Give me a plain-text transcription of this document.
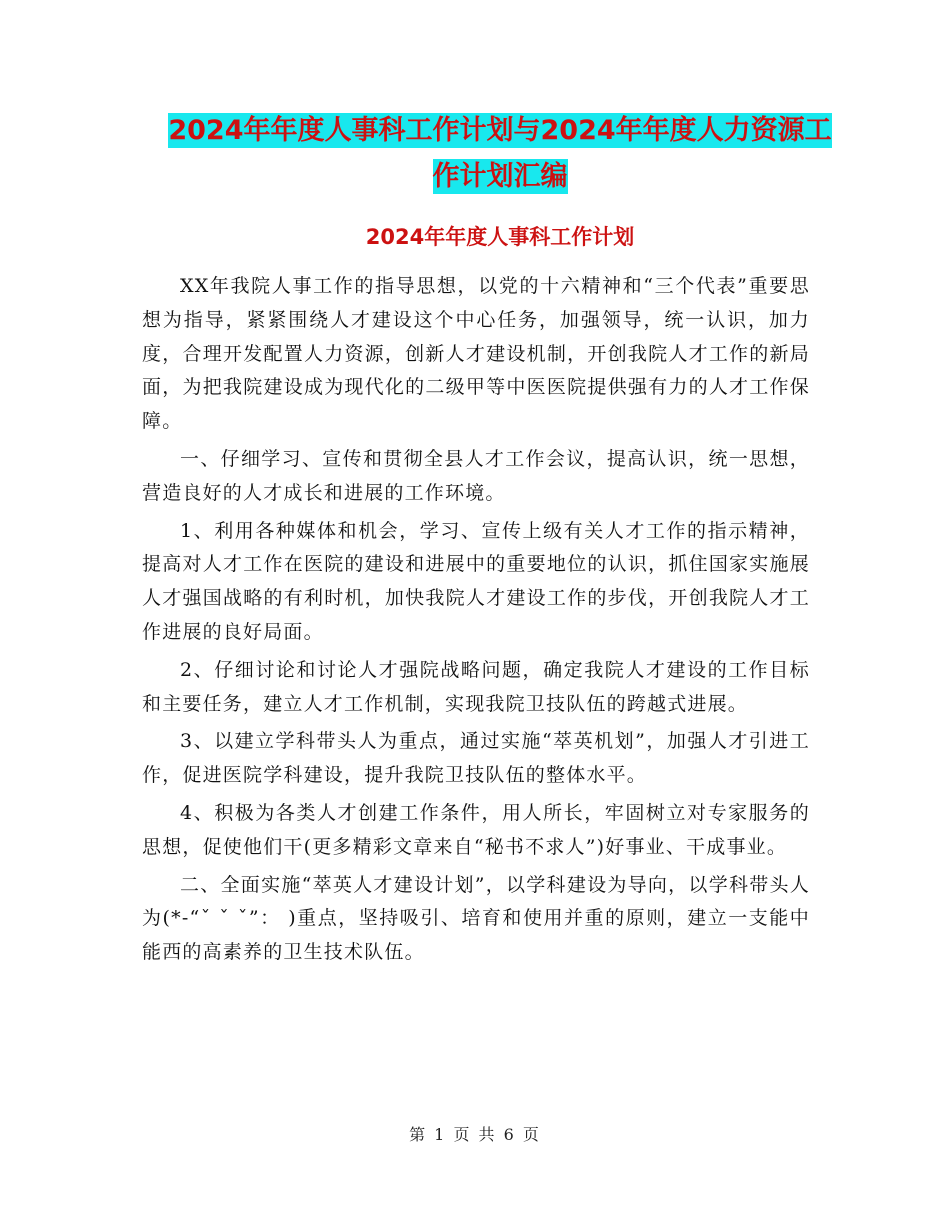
2024年年度人事科工作计划与2024年年度人力资源工
作计划汇编
2024年年度人事科工作计划

XX年我院人事工作的指导思想，以党的十六精神和“三个代表”重要思想为指导，紧紧围绕人才建设这个中心任务，加强领导，统一认识，加力度，合理开发配置人力资源，创新人才建设机制，开创我院人才工作的新局面，为把我院建设成为现代化的二级甲等中医医院提供强有力的人才工作保障。

一、仔细学习、宣传和贯彻全县人才工作会议，提高认识，统一思想，营造良好的人才成长和进展的工作环境。

1、利用各种媒体和机会，学习、宣传上级有关人才工作的指示精神，提高对人才工作在医院的建设和进展中的重要地位的认识，抓住国家实施展人才强国战略的有利时机，加快我院人才建设工作的步伐，开创我院人才工作进展的良好局面。

2、仔细讨论和讨论人才强院战略问题，确定我院人才建设的工作目标和主要任务，建立人才工作机制，实现我院卫技队伍的跨越式进展。

3、以建立学科带头人为重点，通过实施“萃英机划”，加强人才引进工作，促进医院学科建设，提升我院卫技队伍的整体水平。

4、积极为各类人才创建工作条件，用人所长，牢固树立对专家服务的思想，促使他们干(更多精彩文章来自“秘书不求人”)好事业、干成事业。

二、全面实施“萃英人才建设计划”，以学科建设为导向，以学科带头人为(*-“ˇ ˇ ˇ”： )重点，坚持吸引、培育和使用并重的原则，建立一支能中能西的高素养的卫生技术队伍。

第 1 页 共 6 页
